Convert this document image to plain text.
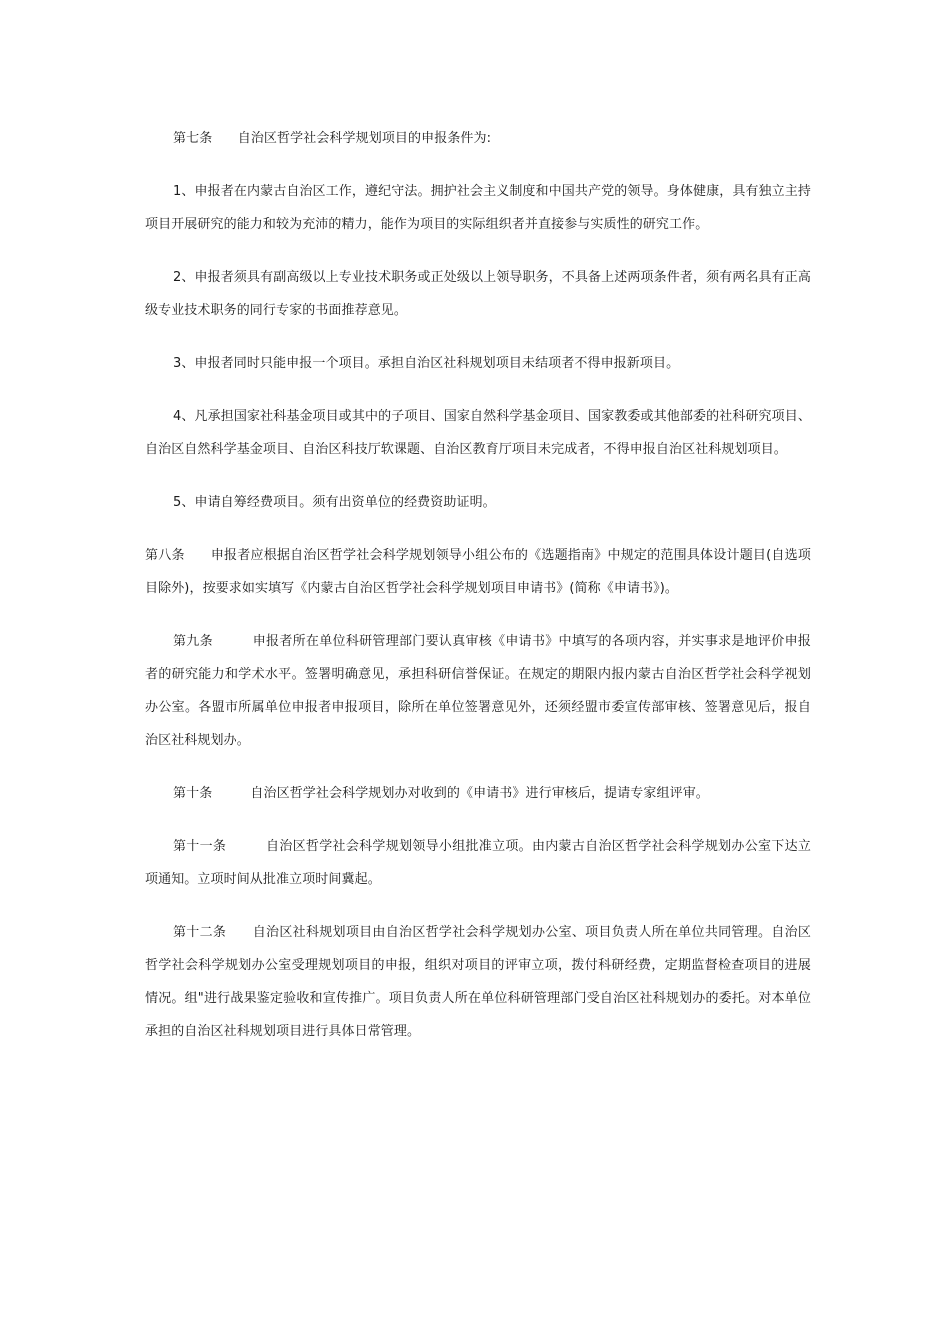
第七条 自治区哲学社会科学规划项目的申报条件为:

1、申报者在内蒙古自治区工作，遵纪守法。拥护社会主义制度和中国共产党的领导。身体健康，具有独立主持项目开展研究的能力和较为充沛的精力，能作为项目的实际组织者并直接参与实质性的研究工作。

2、申报者须具有副高级以上专业技术职务或正处级以上领导职务，不具备上述两项条件者，须有两名具有正高级专业技术职务的同行专家的书面推荐意见。

3、申报者同时只能申报一个项目。承担自治区社科规划项目未结项者不得申报新项目。

4、凡承担国家社科基金项目或其中的子项目、国家自然科学基金项目、国家教委或其他部委的社科研究项目、自治区自然科学基金项目、自治区科技厅软课题、自治区教育厅项目未完成者，不得申报自治区社科规划项目。

5、申请自筹经费项目。须有出资单位的经费资助证明。

第八条 申报者应根据自治区哲学社会科学规划领导小组公布的《选题指南》中规定的范围具体设计题目(自选项目除外)，按要求如实填写《内蒙古自治区哲学社会科学规划项目申请书》(简称《申请书》)。

第九条	申报者所在单位科研管理部门要认真审核《申请书》中填写的各项内容，并实事求是地评价申报者的研究能力和学术水平。签署明确意见，承担科研信誉保证。在规定的期限内报内蒙古自治区哲学社会科学视划办公室。各盟市所属单位申报者申报项目，除所在单位签署意见外，还须经盟市委宣传部审核、签署意见后，报自治区社科规划办。

第十条	自治区哲学社会科学规划办对收到的《申请书》进行审核后，提请专家组评审。

第十一条	自治区哲学社会科学规划领导小组批准立项。由内蒙古自治区哲学社会科学规划办公室下达立项通知。立项时间从批准立项时间冀起。

第十二条 自治区社科规划项目由自治区哲学社会科学规划办公室、项目负责人所在单位共同管理。自治区哲学社会科学规划办公室受理规划项目的申报，组织对项目的评审立项，拨付科研经费，定期监督检查项目的进展情况。组"进行战果鉴定验收和宣传推广。项目负责人所在单位科研管理部门受自治区社科规划办的委托。对本单位承担的自治区社科规划项目进行具体日常管理。
